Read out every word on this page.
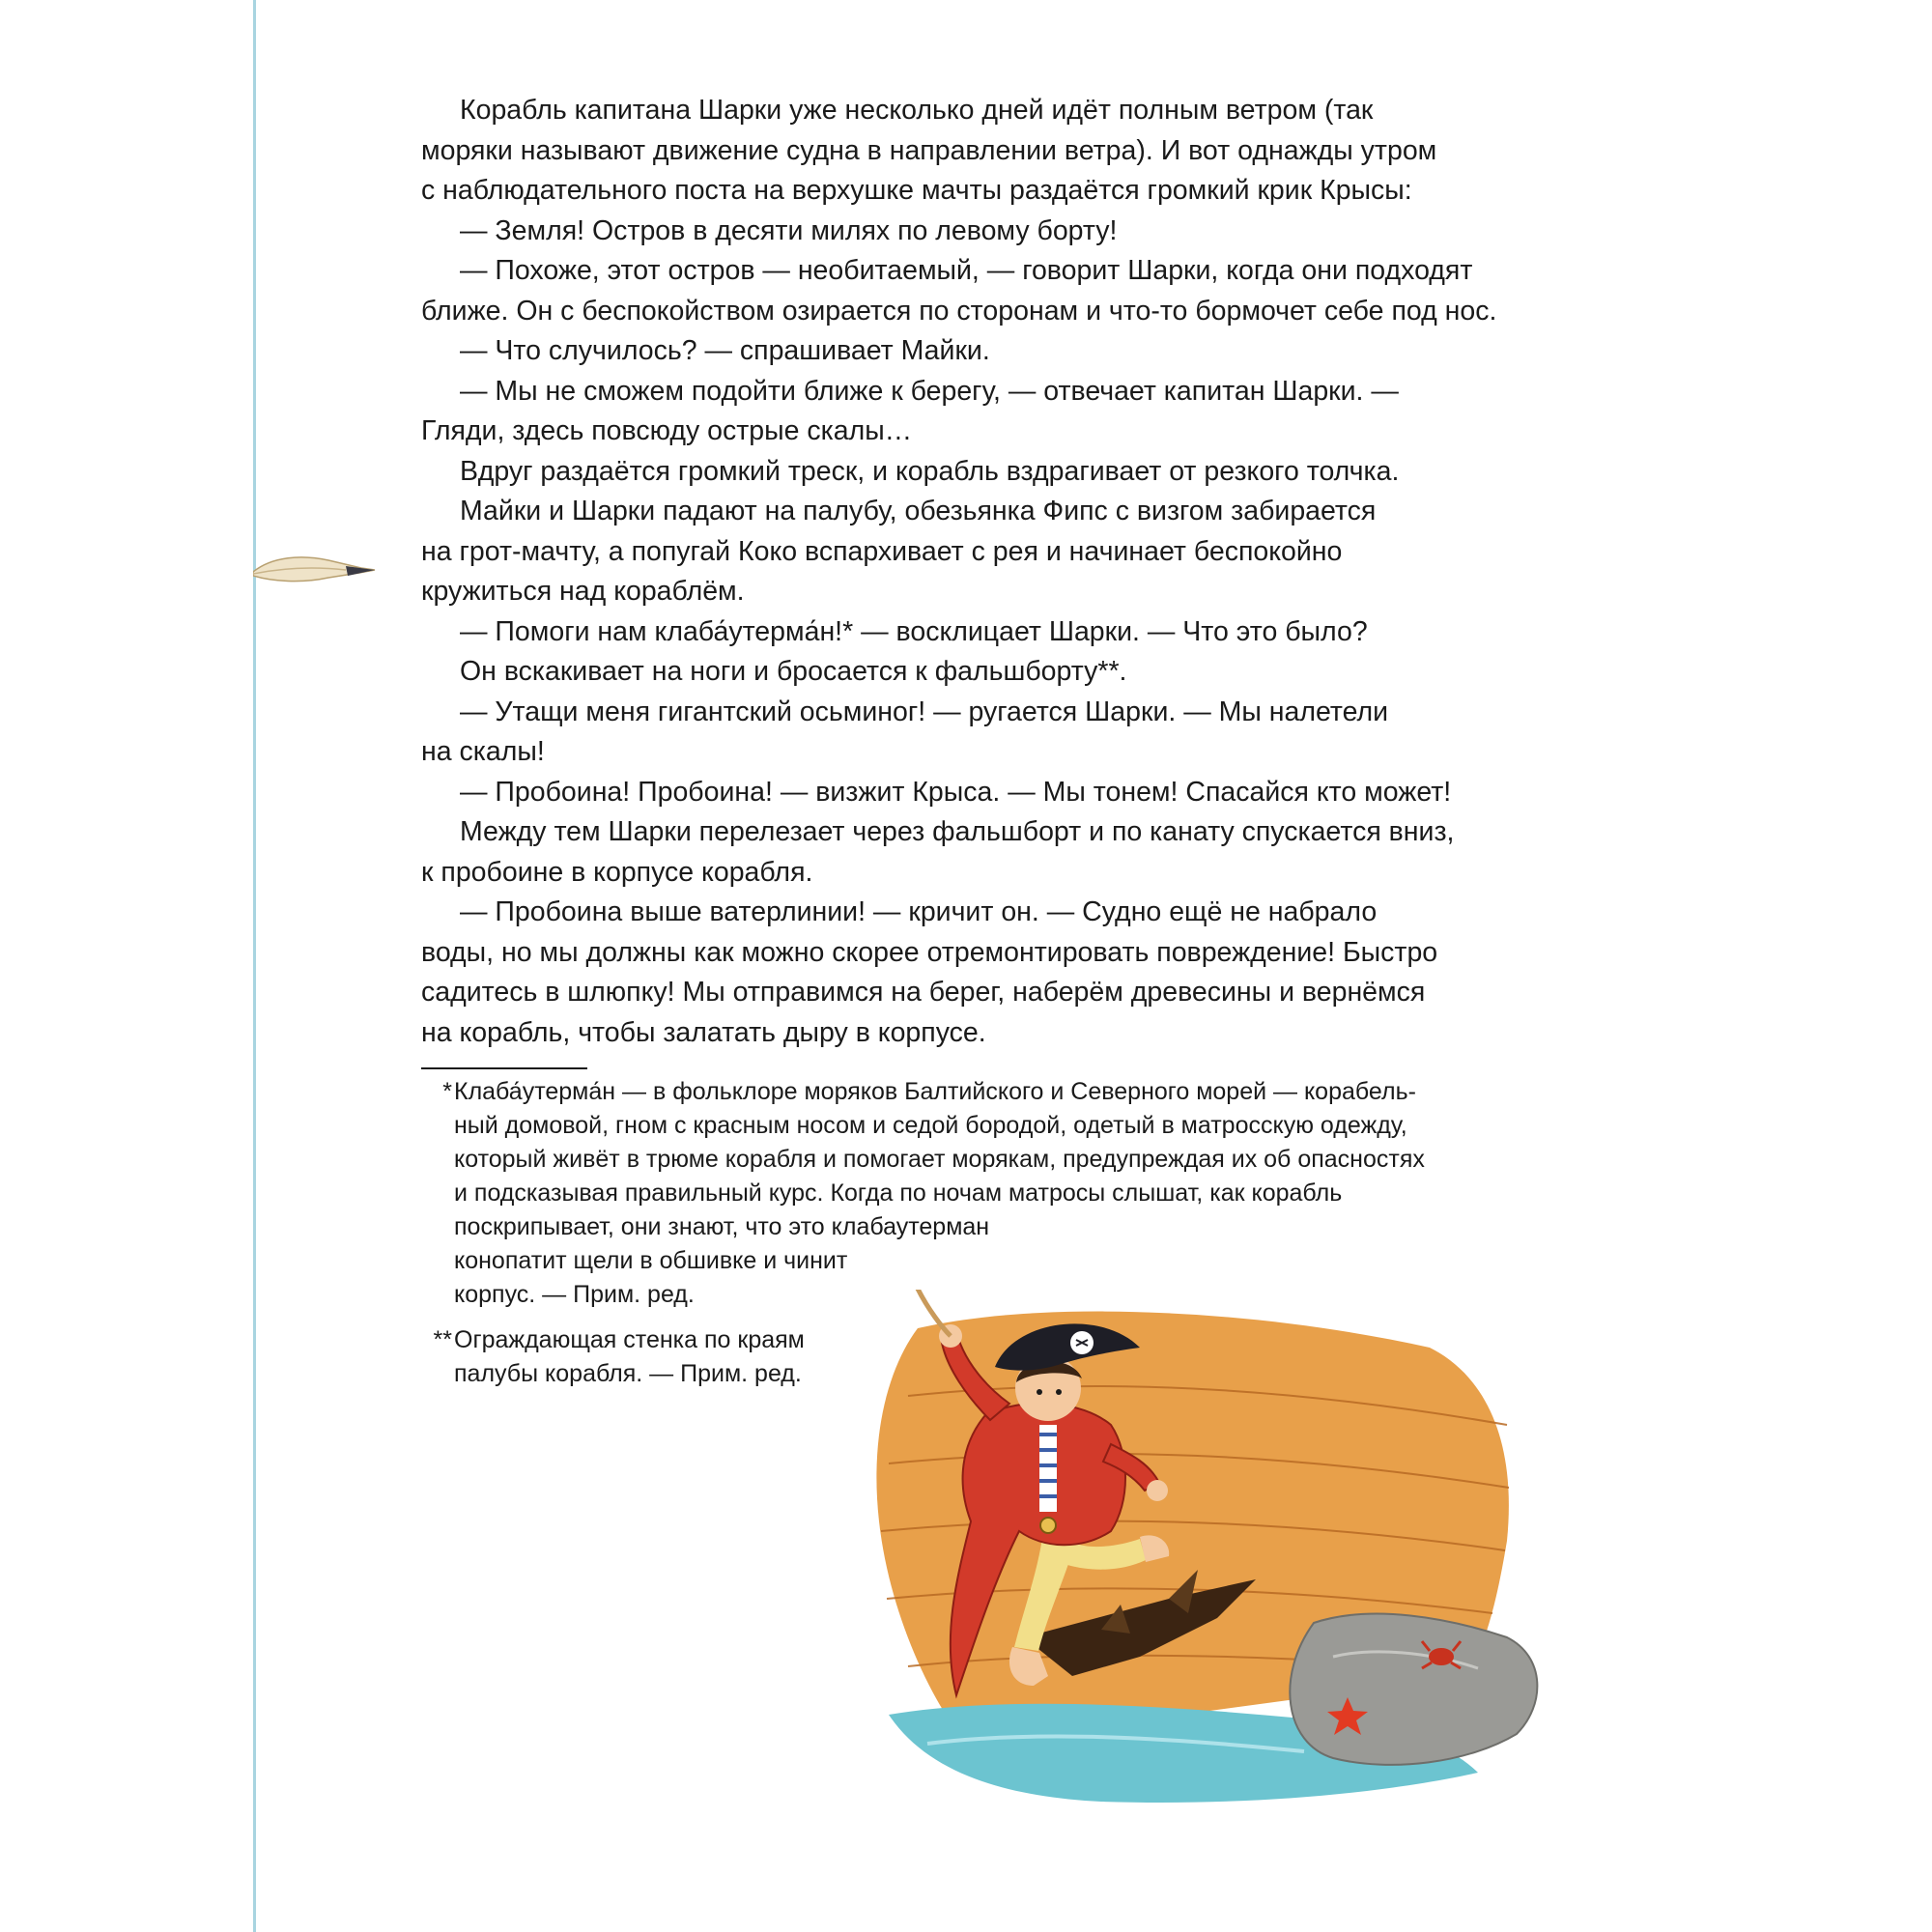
Корабль капитана Шарки уже несколько дней идёт полным ветром (так
моряки называют движение судна в направлении ветра). И вот однажды утром
с наблюдательного поста на верхушке мачты раздаётся громкий крик Крысы:

— Земля! Остров в десяти милях по левому борту!

— Похоже, этот остров — необитаемый, — говорит Шарки, когда они подходят
ближе. Он с беспокойством озирается по сторонам и что-то бормочет себе под нос.

— Что случилось? — спрашивает Майки.

— Мы не сможем подойти ближе к берегу, — отвечает капитан Шарки. —
Гляди, здесь повсюду острые скалы…

Вдруг раздаётся громкий треск, и корабль вздрагивает от резкого толчка.

Майки и Шарки падают на палубу, обезьянка Фипс с визгом забирается
на грот-мачту, а попугай Коко вспархивает с рея и начинает беспокойно
кружиться над кораблём.

— Помоги нам клаба́утерма́н!* — восклицает Шарки. — Что это было?

Он вскакивает на ноги и бросается к фальшборту**.

— Утащи меня гигантский осьминог! — ругается Шарки. — Мы налетели
на скалы!

— Пробоина! Пробоина! — визжит Крыса. — Мы тонем! Спасайся кто может!

Между тем Шарки перелезает через фальшборт и по канату спускается вниз,
к пробоине в корпусе корабля.

— Пробоина выше ватерлинии! — кричит он. — Судно ещё не набрало
воды, но мы должны как можно скорее отремонтировать повреждение! Быстро
садитесь в шлюпку! Мы отправимся на берег, наберём древесины и вернёмся
на корабль, чтобы залатать дыру в корпусе.

* Клаба́утерма́н — в фольклоре моряков Балтийского и Северного морей — корабель-
ный домовой, гном с красным носом и седой бородой, одетый в матросскую одежду,
который живёт в трюме корабля и помогает морякам, предупреждая их об опасностях
и подсказывая правильный курс. Когда по ночам матросы слышат, как корабль
поскрипывает, они знают, что это клабаутерман
конопатит щели в обшивке и чинит
корпус. — Прим. ред.
** Ограждающая стенка по краям
палубы корабля. — Прим. ред.
